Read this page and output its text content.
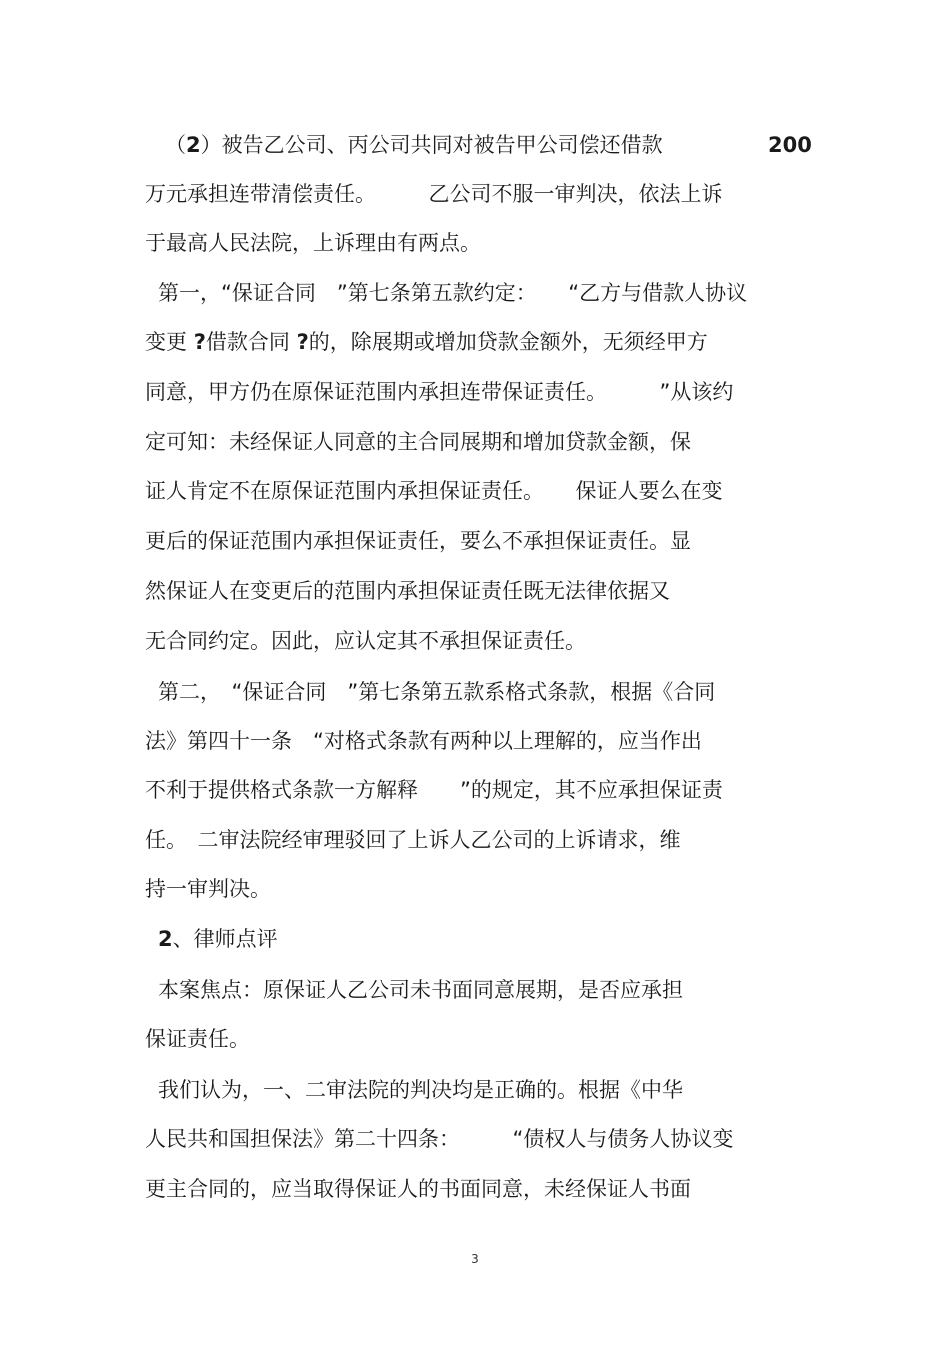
（2）被告乙公司、丙公司共同对被告甲公司偿还借款	200
万元承担连带清偿责任。　　　乙公司不服一审判决，依法上诉
于最高人民法院，上诉理由有两点。
第一，“保证合同　”第七条第五款约定：　　“乙方与借款人协议
变更 ?借款合同 ?的，除展期或增加贷款金额外，无须经甲方
同意，甲方仍在原保证范围内承担连带保证责任。　　　”从该约
定可知：未经保证人同意的主合同展期和增加贷款金额，保
证人肯定不在原保证范围内承担保证责任。　　保证人要么在变
更后的保证范围内承担保证责任，要么不承担保证责任。显
然保证人在变更后的范围内承担保证责任既无法律依据又
无合同约定。因此，应认定其不承担保证责任。
第二，　“保证合同　”第七条第五款系格式条款，根据《合同
法》第四十一条　“对格式条款有两种以上理解的，应当作出
不利于提供格式条款一方解释　　”的规定，其不应承担保证责
任。　二审法院经审理驳回了上诉人乙公司的上诉请求，维
持一审判决。
2、律师点评
本案焦点：原保证人乙公司未书面同意展期，是否应承担
保证责任。
我们认为，一、二审法院的判决均是正确的。根据《中华
人民共和国担保法》第二十四条：　　　“债权人与债务人协议变
更主合同的，应当取得保证人的书面同意，未经保证人书面
3
